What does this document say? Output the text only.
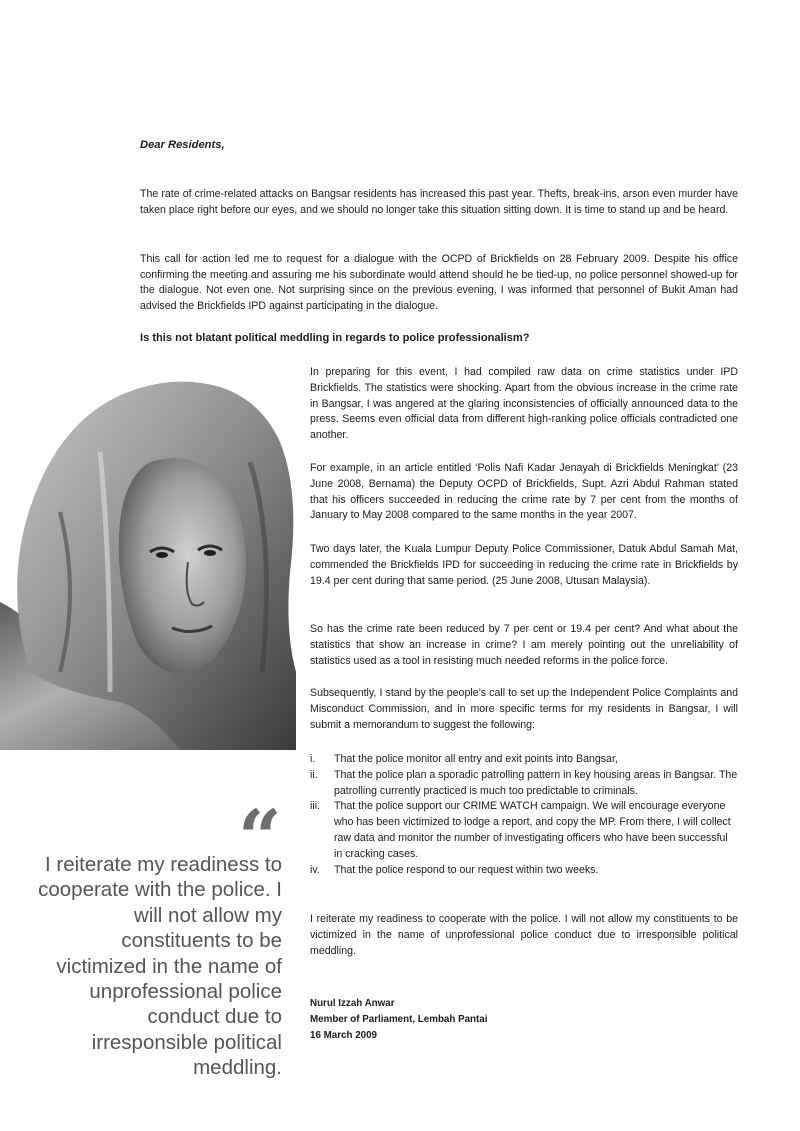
Dear Residents,

The rate of crime-related attacks on Bangsar residents has increased this past year. Thefts, break-ins, arson even murder have taken place right before our eyes, and we should no longer take this situation sitting down. It is time to stand up and be heard.

This call for action led me to request for a dialogue with the OCPD of Brickfields on 28 February 2009. Despite his office confirming the meeting and assuring me his subordinate would attend should he be tied-up, no police personnel showed-up for the dialogue. Not even one. Not surprising since on the previous evening, I was informed that personnel of Bukit Aman had advised the Brickfields IPD against participating in the dialogue.

Is this not blatant political meddling in regards to police professionalism?

In preparing for this event, I had compiled raw data on crime statistics under IPD Brickfields. The statistics were shocking. Apart from the obvious increase in the crime rate in Bangsar, I was angered at the glaring inconsistencies of officially announced data to the press. Seems even official data from different high-ranking police officials contradicted one another.

For example, in an article entitled ‘Polis Nafi Kadar Jenayah di Brickfields Meningkat’ (23 June 2008, Bernama) the Deputy OCPD of Brickfields, Supt. Azri Abdul Rahman stated that his officers succeeded in reducing the crime rate by 7 per cent from the months of January to May 2008 compared to the same months in the year 2007.

Two days later, the Kuala Lumpur Deputy Police Commissioner, Datuk Abdul Samah Mat, commended the Brickfields IPD for succeeding in reducing the crime rate in Brickfields by 19.4 per cent during that same period. (25 June 2008, Utusan Malaysia).

So has the crime rate been reduced by 7 per cent or 19.4 per cent? And what about the statistics that show an increase in crime? I am merely pointing out the unreliability of statistics used as a tool in resisting much needed reforms in the police force.

Subsequently, I stand by the people’s call to set up the Independent Police Complaints and Misconduct Commission, and in more specific terms for my residents in Bangsar, I will submit a memorandum to suggest the following:

i. That the police monitor all entry and exit points into Bangsar,
ii. That the police plan a sporadic patrolling pattern in key housing areas in Bangsar. The patrolling currently practiced is much too predictable to criminals.
iii. That the police support our CRIME WATCH campaign. We will encourage everyone who has been victimized to lodge a report, and copy the MP. From there, I will collect raw data and monitor the number of investigating officers who have been successful in cracking cases.
iv. That the police respond to our request within two weeks.

I reiterate my readiness to cooperate with the police. I will not allow my constituents to be victimized in the name of unprofessional police conduct due to irresponsible political meddling.

“

I reiterate my readiness to cooperate with the police. I will not allow my constituents to be victimized in the name of unprofessional police conduct due to irresponsible political meddling.

Nurul Izzah Anwar
Member of Parliament, Lembah Pantai
16 March 2009
